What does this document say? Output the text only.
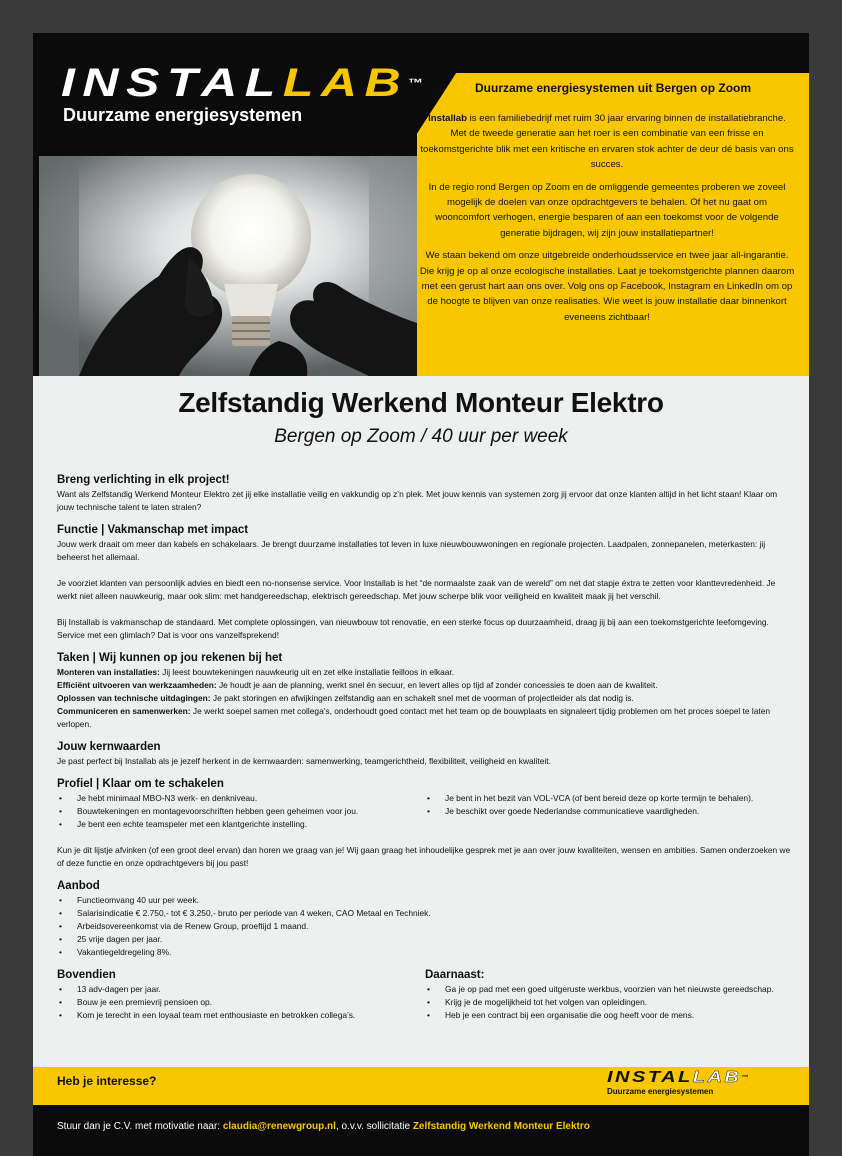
INSTALLAB™
Duurzame energiesystemen
Duurzame energiesystemen uit Bergen op Zoom

Installab is een familiebedrijf met ruim 30 jaar ervaring binnen de installatiebranche. Met de tweede generatie aan het roer is een combinatie van een frisse en toekomstgerichte blik met een kritische en ervaren stok achter de deur dé basis van ons succes.

In de regio rond Bergen op Zoom en de omliggende gemeentes proberen we zoveel mogelijk de doelen van onze opdrachtgevers te behalen. Of het nu gaat om wooncomfort verhogen, energie besparen of aan een toekomst voor de volgende generatie bijdragen, wij zijn jouw installatiepartner!

We staan bekend om onze uitgebreide onderhoudsservice en twee jaar all-ingarantie. Die krijg je op al onze ecologische installaties. Laat je toekomstgerichte plannen daarom met een gerust hart aan ons over. Volg ons op Facebook, Instagram en LinkedIn om op de hoogte te blijven van onze realisaties. Wie weet is jouw installatie daar binnenkort eveneens zichtbaar!

Zelfstandig Werkend Monteur Elektro
Bergen op Zoom / 40 uur per week
Breng verlichting in elk project!

Want als Zelfstandig Werkend Monteur Elektro zet jij elke installatie veilig en vakkundig op z’n plek. Met jouw kennis van systemen zorg jij ervoor dat onze klanten altijd in het licht staan! Klaar om jouw technische talent te laten stralen?

Functie | Vakmanschap met impact

Jouw werk draait om meer dan kabels en schakelaars. Je brengt duurzame installaties tot leven in luxe nieuwbouwwoningen en regionale projecten. Laadpalen, zonnepanelen, meterkasten: jij beheerst het allemaal.

Je voorziet klanten van persoonlijk advies en biedt een no-nonsense service. Voor Installab is het “de normaalste zaak van de wereld” om net dat stapje éxtra te zetten voor klanttevredenheid. Je werkt niet alleen nauwkeurig, maar ook slim: met handgereedschap, elektrisch gereedschap. Met jouw scherpe blik voor veiligheid en kwaliteit maak jij het verschil.

Bij Installab is vakmanschap de standaard. Met complete oplossingen, van nieuwbouw tot renovatie, en een sterke focus op duurzaamheid, draag jij bij aan een toekomstgerichte leefomgeving. Service met een glimlach? Dat is voor ons vanzelfsprekend!

Taken | Wij kunnen op jou rekenen bij het

Monteren van installaties: Jij leest bouwtekeningen nauwkeurig uit en zet elke installatie feilloos in elkaar.

Efficiënt uitvoeren van werkzaamheden: Je houdt je aan de planning, werkt snel én secuur, en levert alles op tijd af zonder concessies te doen aan de kwaliteit.

Oplossen van technische uitdagingen: Je pakt storingen en afwijkingen zelfstandig aan en schakelt snel met de voorman of projectleider als dat nodig is.

Communiceren en samenwerken: Je werkt soepel samen met collega’s, onderhoudt goed contact met het team op de bouwplaats en signaleert tijdig problemen om het proces soepel te laten verlopen.

Jouw kernwaarden

Je past perfect bij Installab als je jezelf herkent in de kernwaarden: samenwerking, teamgerichtheid, flexibiliteit, veiligheid en kwaliteit.

Profiel | Klaar om te schakelen
• Je hebt minimaal MBO-N3 werk- en denkniveau.
• Bouwtekeningen en montagevoorschriften hebben geen geheimen voor jou.
• Je bent een echte teamspeler met een klantgerichte instelling.
• Je bent in het bezit van VOL-VCA (of bent bereid deze op korte termijn te behalen).
• Je beschikt over goede Nederlandse communicatieve vaardigheden.

Kun je dit lijstje afvinken (of een groot deel ervan) dan horen we graag van je! Wij gaan graag het inhoudelijke gesprek met je aan over jouw kwaliteiten, wensen en ambities. Samen onderzoeken we of deze functie en onze opdrachtgevers bij jou past!

Aanbod
• Functieomvang 40 uur per week.
• Salarisindicatie € 2.750,- tot € 3.250,- bruto per periode van 4 weken, CAO Metaal en Techniek.
• Arbeidsovereenkomst via de Renew Group, proeftijd 1 maand.
• 25 vrije dagen per jaar.
• Vakantiegeldregeling 8%.
Bovendien
• 13 adv-dagen per jaar.
• Bouw je een premievrij pensioen op.
• Kom je terecht in een loyaal team met enthousiaste en betrokken collega’s.
Daarnaast:
• Ga je op pad met een goed uitgeruste werkbus, voorzien van het nieuwste gereedschap.
• Krijg je de mogelijkheid tot het volgen van opleidingen.
• Heb je een contract bij een organisatie die oog heeft voor de mens.
Heb je interesse?	INSTALLAB™
Duurzame energiesystemen
Stuur dan je C.V. met motivatie naar: claudia@renewgroup.nl, o.v.v. sollicitatie Zelfstandig Werkend Monteur Elektro
